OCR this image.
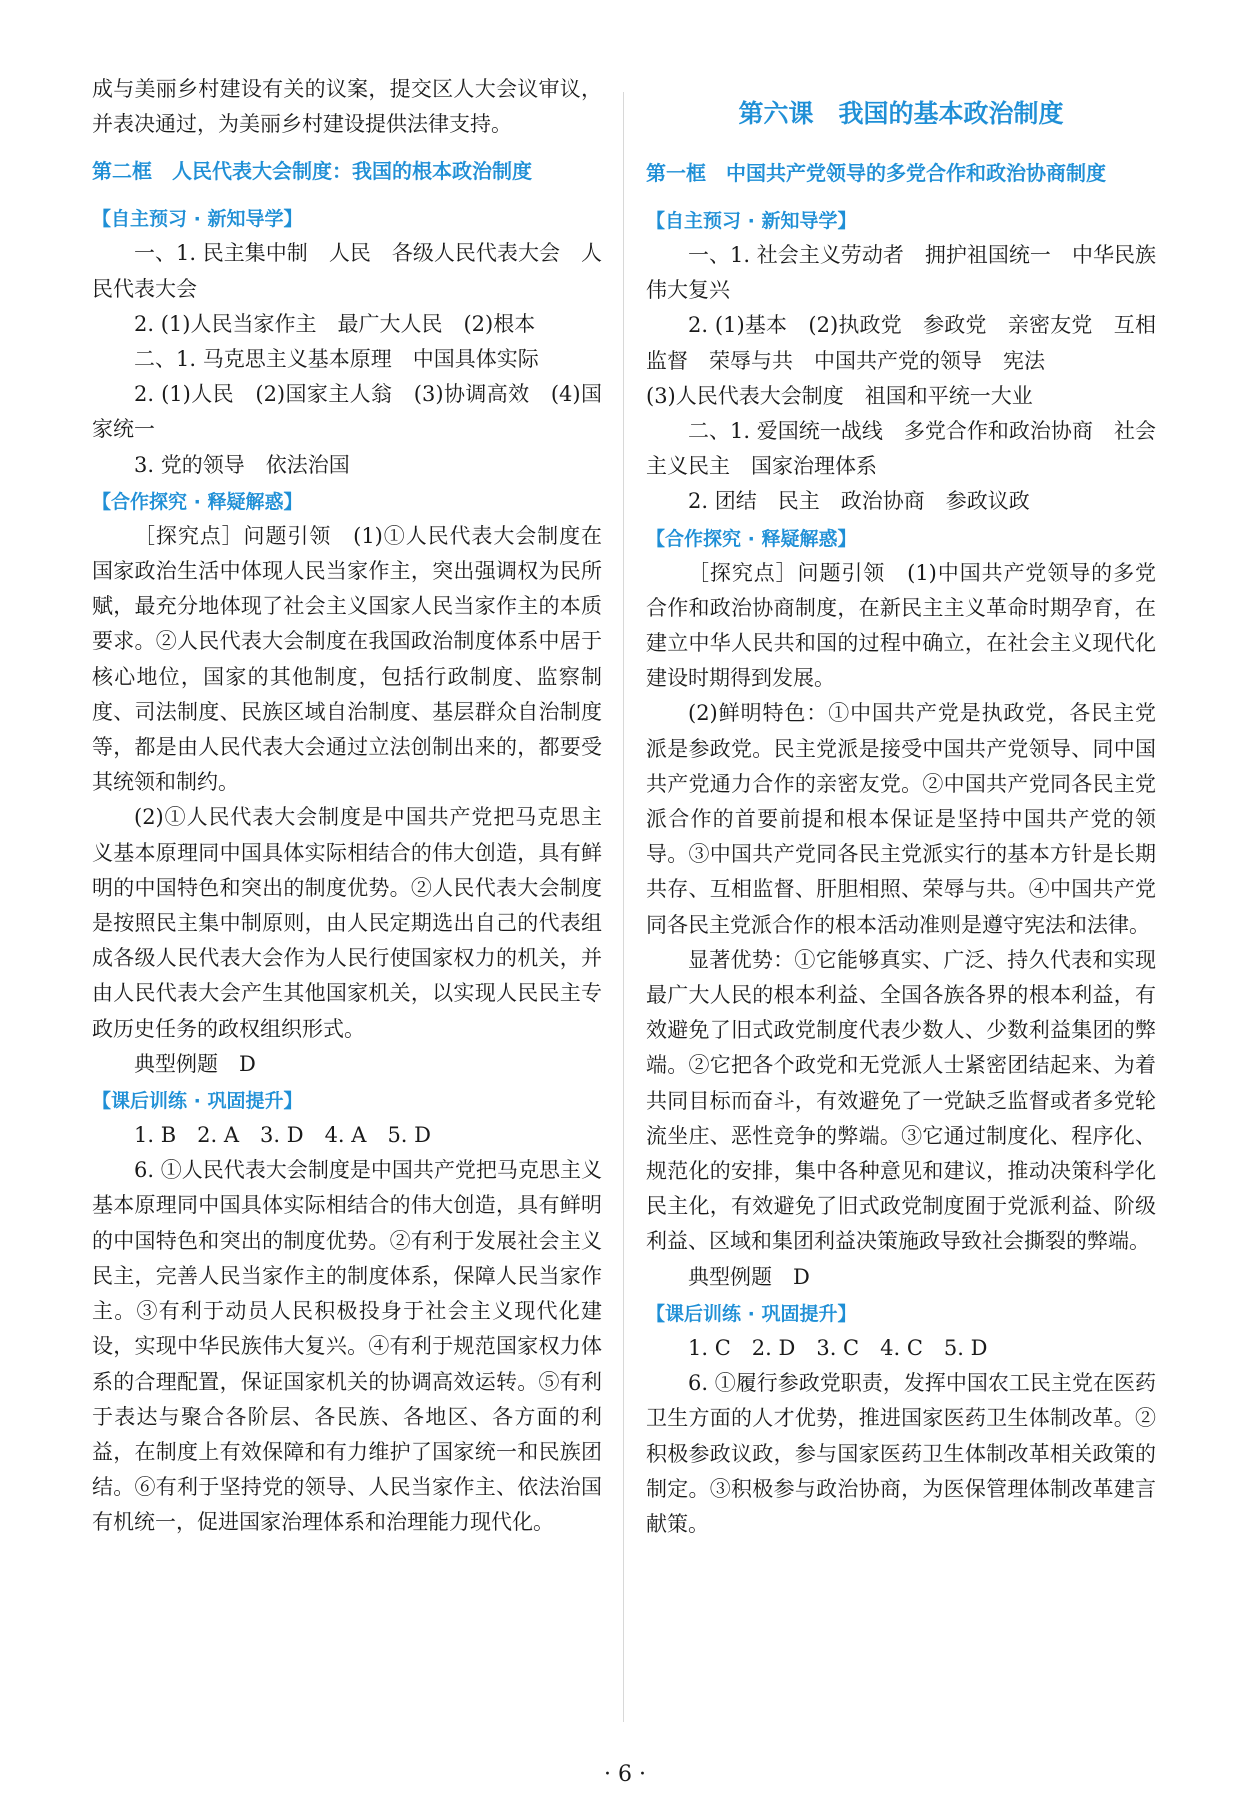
成与美丽乡村建设有关的议案，提交区人大会议审议，并表决通过，为美丽乡村建设提供法律支持。

第二框　人民代表大会制度：我国的根本政治制度
【自主预习 · 新知导学】

一、1. 民主集中制　人民　各级人民代表大会　人民代表大会

2. (1)人民当家作主　最广大人民　(2)根本

二、1. 马克思主义基本原理　中国具体实际

2. (1)人民　(2)国家主人翁　(3)协调高效　(4)国家统一

3. 党的领导　依法治国

【合作探究 · 释疑解惑】

［探究点］问题引领　(1)①人民代表大会制度在国家政治生活中体现人民当家作主，突出强调权为民所赋，最充分地体现了社会主义国家人民当家作主的本质要求。②人民代表大会制度在我国政治制度体系中居于核心地位，国家的其他制度，包括行政制度、监察制度、司法制度、民族区域自治制度、基层群众自治制度等，都是由人民代表大会通过立法创制出来的，都要受其统领和制约。

(2)①人民代表大会制度是中国共产党把马克思主义基本原理同中国具体实际相结合的伟大创造，具有鲜明的中国特色和突出的制度优势。②人民代表大会制度是按照民主集中制原则，由人民定期选出自己的代表组成各级人民代表大会作为人民行使国家权力的机关，并由人民代表大会产生其他国家机关，以实现人民民主专政历史任务的政权组织形式。

典型例题　D

【课后训练 · 巩固提升】

1. B　2. A　3. D　4. A　5. D

6. ①人民代表大会制度是中国共产党把马克思主义基本原理同中国具体实际相结合的伟大创造，具有鲜明的中国特色和突出的制度优势。②有利于发展社会主义民主，完善人民当家作主的制度体系，保障人民当家作主。③有利于动员人民积极投身于社会主义现代化建设，实现中华民族伟大复兴。④有利于规范国家权力体系的合理配置，保证国家机关的协调高效运转。⑤有利于表达与聚合各阶层、各民族、各地区、各方面的利益，在制度上有效保障和有力维护了国家统一和民族团结。⑥有利于坚持党的领导、人民当家作主、依法治国有机统一，促进国家治理体系和治理能力现代化。

第六课　我国的基本政治制度
第一框　中国共产党领导的多党合作和政治协商制度
【自主预习 · 新知导学】

一、1. 社会主义劳动者　拥护祖国统一　中华民族伟大复兴

2. (1)基本　(2)执政党　参政党　亲密友党　互相监督　荣辱与共　中国共产党的领导　宪法

(3)人民代表大会制度　祖国和平统一大业

二、1. 爱国统一战线　多党合作和政治协商　社会主义民主　国家治理体系

2. 团结　民主　政治协商　参政议政

【合作探究 · 释疑解惑】

［探究点］问题引领　(1)中国共产党领导的多党合作和政治协商制度，在新民主主义革命时期孕育，在建立中华人民共和国的过程中确立，在社会主义现代化建设时期得到发展。

(2)鲜明特色：①中国共产党是执政党，各民主党派是参政党。民主党派是接受中国共产党领导、同中国共产党通力合作的亲密友党。②中国共产党同各民主党派合作的首要前提和根本保证是坚持中国共产党的领导。③中国共产党同各民主党派实行的基本方针是长期共存、互相监督、肝胆相照、荣辱与共。④中国共产党同各民主党派合作的根本活动准则是遵守宪法和法律。

显著优势：①它能够真实、广泛、持久代表和实现最广大人民的根本利益、全国各族各界的根本利益，有效避免了旧式政党制度代表少数人、少数利益集团的弊端。②它把各个政党和无党派人士紧密团结起来、为着共同目标而奋斗，有效避免了一党缺乏监督或者多党轮流坐庄、恶性竞争的弊端。③它通过制度化、程序化、规范化的安排，集中各种意见和建议，推动决策科学化民主化，有效避免了旧式政党制度囿于党派利益、阶级利益、区域和集团利益决策施政导致社会撕裂的弊端。

典型例题　D

【课后训练 · 巩固提升】

1. C　2. D　3. C　4. C　5. D

6. ①履行参政党职责，发挥中国农工民主党在医药卫生方面的人才优势，推进国家医药卫生体制改革。②积极参政议政，参与国家医药卫生体制改革相关政策的制定。③积极参与政治协商，为医保管理体制改革建言献策。

· 6 ·
